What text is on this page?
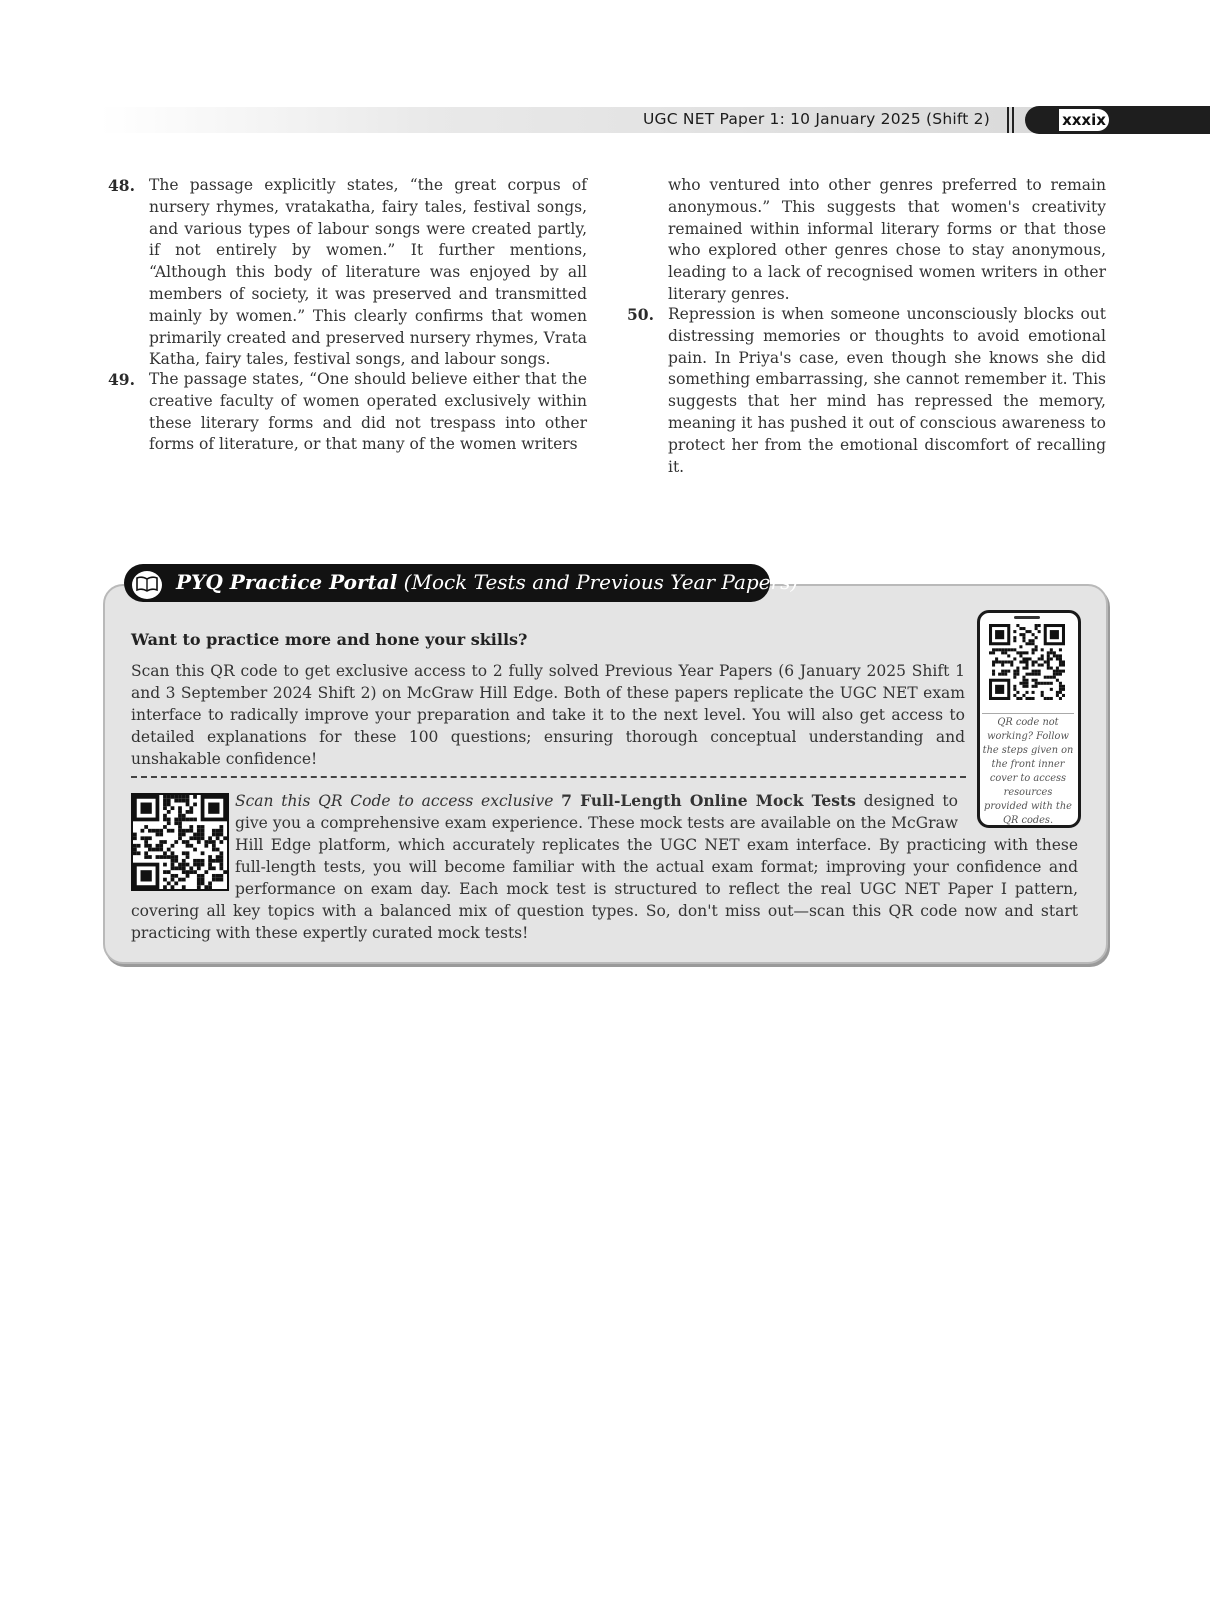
UGC NET Paper 1: 10 January 2025 (Shift 2)	xxxix
48. The passage explicitly states, “the great corpus of nursery rhymes, vratakatha, fairy tales, festival songs, and various types of labour songs were created partly, if not entirely by women.” It further mentions, “Although this body of literature was enjoyed by all members of society, it was preserved and transmitted mainly by women.” This clearly confirms that women primarily created and preserved nursery rhymes, Vrata Katha, fairy tales, festival songs, and labour songs.
49. The passage states, “One should believe either that the creative faculty of women operated exclusively within these literary forms and did not trespass into other forms of literature, or that many of the women writers
who ventured into other genres preferred to remain anonymous.” This suggests that women's creativity remained within informal literary forms or that those who explored other genres chose to stay anonymous, leading to a lack of recognised women writers in other literary genres.
50. Repression is when someone unconsciously blocks out distressing memories or thoughts to avoid emotional pain. In Priya's case, even though she knows she did something embarrassing, she cannot remember it. This suggests that her mind has repressed the memory, meaning it has pushed it out of conscious awareness to protect her from the emotional discomfort of recalling it.
PYQ Practice Portal (Mock Tests and Previous Year Papers)
Want to practice more and hone your skills?
Scan this QR code to get exclusive access to 2 fully solved Previous Year Papers (6 January 2025 Shift 1 and 3 September 2024 Shift 2) on McGraw Hill Edge. Both of these papers replicate the UGC NET exam interface to radically improve your preparation and take it to the next level. You will also get access to detailed explanations for these 100 questions; ensuring thorough conceptual understanding and unshakable confidence!
QR code not working? Follow the steps given on the front inner cover to access resources provided with the QR codes.
Scan this QR Code to access exclusive 7 Full-Length Online Mock Tests designed to give you a comprehensive exam experience. These mock tests are available on the McGraw Hill Edge platform, which accurately replicates the UGC NET exam interface. By practicing with these full-length tests, you will become familiar with the actual exam format; improving your confidence and performance on exam day. Each mock test is structured to reflect the real UGC NET Paper I pattern, covering all key topics with a balanced mix of question types. So, don't miss out—scan this QR code now and start practicing with these expertly curated mock tests!
